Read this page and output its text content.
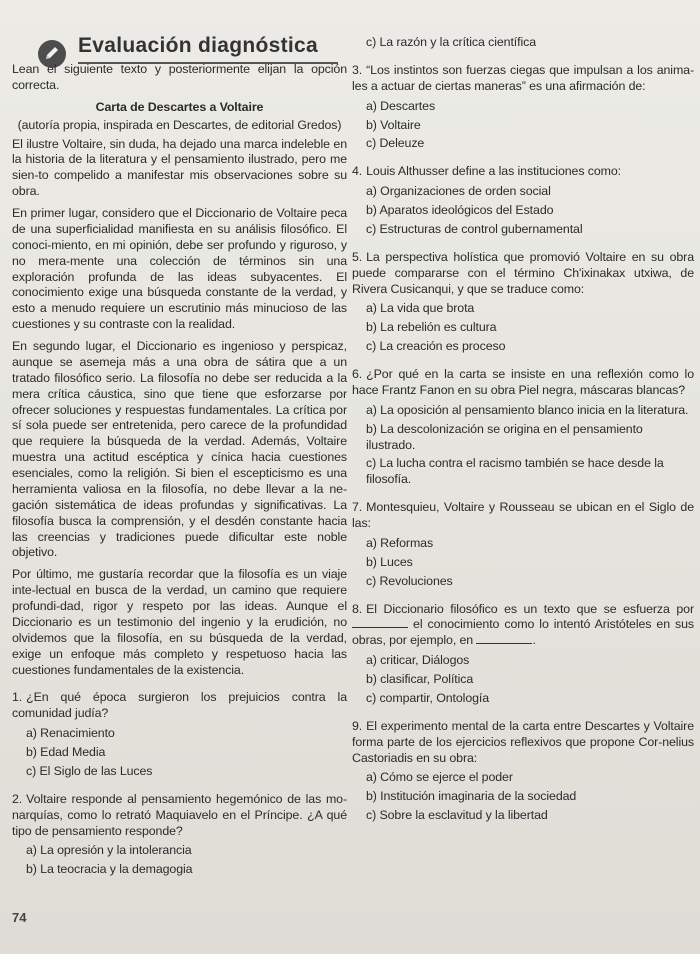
Evaluación diagnóstica

Lean el siguiente texto y posteriormente elijan la opción correcta.

Carta de Descartes a Voltaire

(autoría propia, inspirada en Descartes, de editorial Gredos)

El ilustre Voltaire, sin duda, ha dejado una marca indeleble en la historia de la literatura y el pensamiento ilustrado, pero me sien-to compelido a manifestar mis observaciones sobre su obra.

En primer lugar, considero que el Diccionario de Voltaire peca de una superficialidad manifiesta en su análisis filosófico. El conoci-miento, en mi opinión, debe ser profundo y riguroso, y no mera-mente una colección de términos sin una exploración profunda de las ideas subyacentes. El conocimiento exige una búsqueda constante de la verdad, y esto a menudo requiere un escrutinio más minucioso de las cuestiones y su contraste con la realidad.

En segundo lugar, el Diccionario es ingenioso y perspicaz, aunque se asemeja más a una obra de sátira que a un tratado filosófico serio. La filosofía no debe ser reducida a la mera crítica cáustica, sino que tiene que esforzarse por ofrecer soluciones y respuestas fundamentales. La crítica por sí sola puede ser entretenida, pero carece de la profundidad que requiere la búsqueda de la verdad. Además, Voltaire muestra una actitud escéptica y cínica hacia cuestiones esenciales, como la religión. Si bien el escepticismo es una herramienta valiosa en la filosofía, no debe llevar a la ne-gación sistemática de ideas profundas y significativas. La filosofía busca la comprensión, y el desdén constante hacia las creencias y tradiciones puede dificultar este noble objetivo.

Por último, me gustaría recordar que la filosofía es un viaje inte-lectual en busca de la verdad, un camino que requiere profundi-dad, rigor y respeto por las ideas. Aunque el Diccionario es un testimonio del ingenio y la erudición, no olvidemos que la filosofía, en su búsqueda de la verdad, exige un enfoque más completo y respetuoso hacia las cuestiones fundamentales de la existencia.

1. ¿En qué época surgieron los prejuicios contra la comunidad judía?

a) Renacimiento
b) Edad Media
c) El Siglo de las Luces

2. Voltaire responde al pensamiento hegemónico de las mo-narquías, como lo retrató Maquiavelo en el Príncipe. ¿A qué tipo de pensamiento responde?

a) La opresión y la intolerancia
b) La teocracia y la demagogia
74
c) La razón y la crítica científica

3. “Los instintos son fuerzas ciegas que impulsan a los anima-les a actuar de ciertas maneras” es una afirmación de:

a) Descartes
b) Voltaire
c) Deleuze

4. Louis Althusser define a las instituciones como:

a) Organizaciones de orden social
b) Aparatos ideológicos del Estado
c) Estructuras de control gubernamental

5. La perspectiva holística que promovió Voltaire en su obra puede compararse con el término Ch'ixinakax utxiwa, de Rivera Cusicanqui, y que se traduce como:

a) La vida que brota
b) La rebelión es cultura
c) La creación es proceso

6. ¿Por qué en la carta se insiste en una reflexión como lo hace Frantz Fanon en su obra Piel negra, máscaras blancas?

a) La oposición al pensamiento blanco inicia en la literatura.
b) La descolonización se origina en el pensamiento ilustrado.
c) La lucha contra el racismo también se hace desde la filosofía.

7. Montesquieu, Voltaire y Rousseau se ubican en el Siglo de las:

a) Reformas
b) Luces
c) Revoluciones

8. El Diccionario filosófico es un texto que se esfuerza por  el conocimiento como lo intentó Aristóteles en sus obras, por ejemplo, en	.

a) criticar, Diálogos
b) clasificar, Política
c) compartir, Ontología

9. El experimento mental de la carta entre Descartes y Voltaire forma parte de los ejercicios reflexivos que propone Cor-nelius Castoriadis en su obra:

a) Cómo se ejerce el poder
b) Institución imaginaria de la sociedad
c) Sobre la esclavitud y la libertad
